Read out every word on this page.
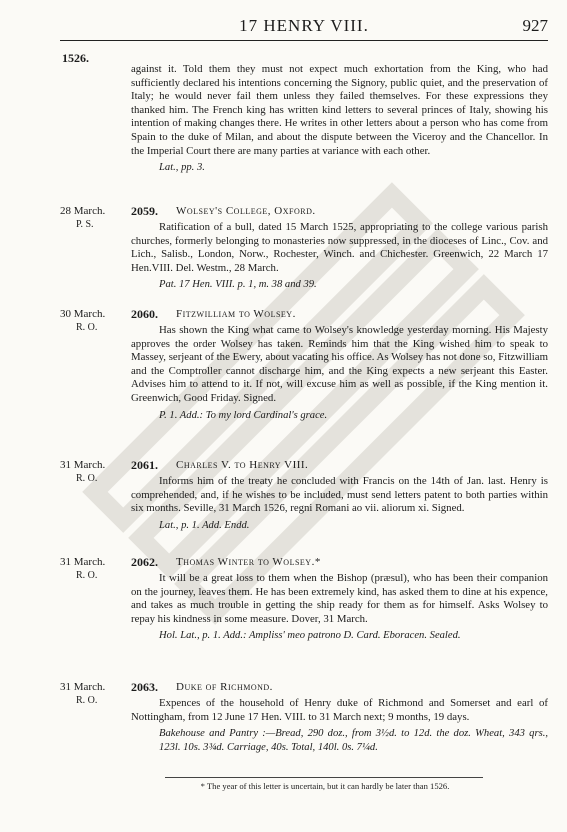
17 HENRY VIII.	927
1526.
against it. Told them they must not expect much exhortation from the King, who had sufficiently declared his intentions concerning the Signory, public quiet, and the preservation of Italy; he would never fail them unless they failed themselves. For these expressions they thanked him. The French king has written kind letters to several princes of Italy, showing his intention of making changes there. He writes in other letters about a person who has come from Spain to the duke of Milan, and about the dispute between the Viceroy and the Chancellor. In the Imperial Court there are many parties at variance with each other.
Lat., pp. 3.
28 March.
P. S.
2059. Wolsey's College, Oxford.
Ratification of a bull, dated 15 March 1525, appropriating to the college various parish churches, formerly belonging to monasteries now suppressed, in the dioceses of Linc., Cov. and Lich., Salisb., London, Norw., Rochester, Winch. and Chichester. Greenwich, 22 March 17 Hen.VIII. Del. Westm., 28 March.
Pat. 17 Hen. VIII. p. 1, m. 38 and 39.
30 March.
R. O.
2060. Fitzwilliam to Wolsey.
Has shown the King what came to Wolsey's knowledge yesterday morning. His Majesty approves the order Wolsey has taken. Reminds him that the King wished him to speak to Massey, serjeant of the Ewery, about vacating his office. As Wolsey has not done so, Fitzwilliam and the Comptroller cannot discharge him, and the King expects a new serjeant this Easter. Advises him to attend to it. If not, will excuse him as well as possible, if the King mention it. Greenwich, Good Friday. Signed.
P. 1. Add.: To my lord Cardinal's grace.
31 March.
R. O.
2061. Charles V. to Henry VIII.
Informs him of the treaty he concluded with Francis on the 14th of Jan. last. Henry is comprehended, and, if he wishes to be included, must send letters patent to both parties within six months. Seville, 31 March 1526, regni Romani ao vii. aliorum xi. Signed.
Lat., p. 1. Add. Endd.
31 March.
R. O.
2062. Thomas Winter to Wolsey.*
It will be a great loss to them when the Bishop (præsul), who has been their companion on the journey, leaves them. He has been extremely kind, has asked them to dine at his expence, and takes as much trouble in getting the ship ready for them as for himself. Asks Wolsey to repay his kindness in some measure. Dover, 31 March.
Hol. Lat., p. 1. Add.: Ampliss' meo patrono D. Card. Eboracen. Sealed.
31 March.
R. O.
2063. Duke of Richmond.
Expences of the household of Henry duke of Richmond and Somerset and earl of Nottingham, from 12 June 17 Hen. VIII. to 31 March next; 9 months, 19 days.
Bakehouse and Pantry :—Bread, 290 doz., from 3½d. to 12d. the doz. Wheat, 343 qrs., 123l. 10s. 3¾d. Carriage, 40s. Total, 140l. 0s. 7¼d.
* The year of this letter is uncertain, but it can hardly be later than 1526.
